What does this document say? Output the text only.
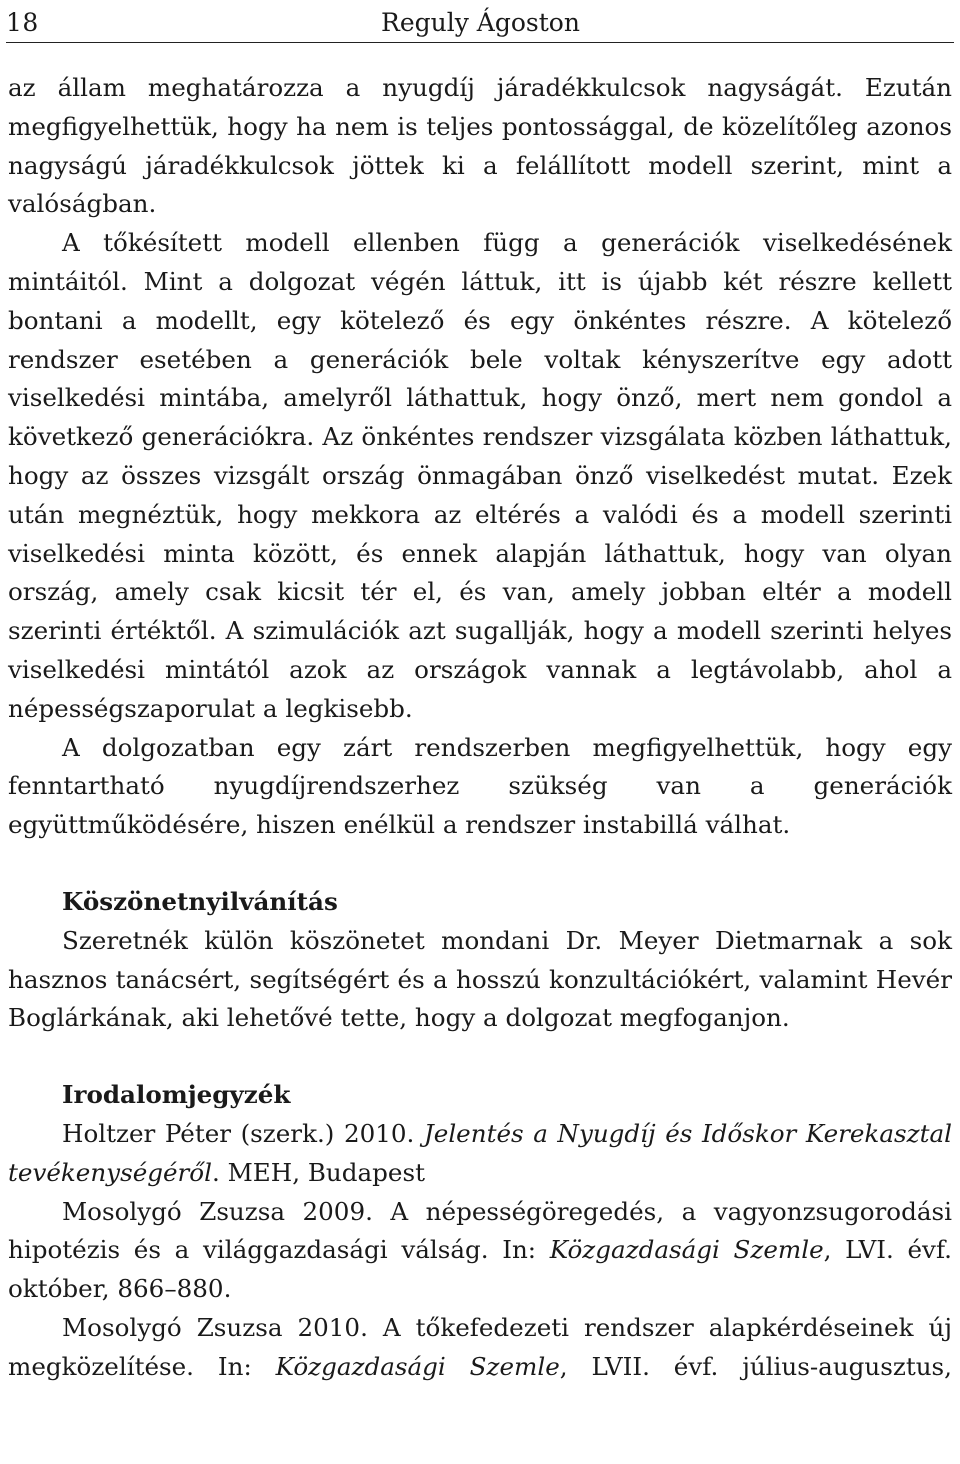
18	Reguly Ágoston

az állam meghatározza a nyugdíj járadékkulcsok nagyságát. Ezután megfigyelhettük, hogy ha nem is teljes pontossággal, de közelítőleg azonos nagyságú járadékkulcsok jöttek ki a felállított modell szerint, mint a valóságban.

A tőkésített modell ellenben függ a generációk viselkedésének mintáitól. Mint a dolgozat végén láttuk, itt is újabb két részre kellett bontani a modellt, egy kötelező és egy önkéntes részre. A kötelező rendszer esetében a generációk bele voltak kényszerítve egy adott viselkedési mintába, amelyről láthattuk, hogy önző, mert nem gondol a következő generációkra. Az önkéntes rendszer vizsgálata közben láthattuk, hogy az összes vizsgált ország önmagában önző viselkedést mutat. Ezek után megnéztük, hogy mekkora az eltérés a valódi és a modell szerinti viselkedési minta között, és ennek alapján láthattuk, hogy van olyan ország, amely csak kicsit tér el, és van, amely jobban eltér a modell szerinti értéktől. A szimulációk azt sugallják, hogy a modell szerinti helyes viselkedési mintától azok az országok vannak a legtávolabb, ahol a népességszaporulat a legkisebb.

A dolgozatban egy zárt rendszerben megfigyelhettük, hogy egy fenntartható nyugdíjrendszerhez szükség van a generációk együttműködésére, hiszen enélkül a rendszer instabillá válhat.

Köszönetnyilvánítás

Szeretnék külön köszönetet mondani Dr. Meyer Dietmarnak a sok hasznos tanácsért, segítségért és a hosszú konzultációkért, valamint Hevér Boglárkának, aki lehetővé tette, hogy a dolgozat megfoganjon.

Irodalomjegyzék

Holtzer Péter (szerk.) 2010. Jelentés a Nyugdíj és Időskor Kerekasztal tevékenységéről. MEH, Budapest

Mosolygó Zsuzsa 2009. A népességöregedés, a vagyonzsugorodási hipotézis és a világgazdasági válság. In: Közgazdasági Szemle, LVI. évf. október, 866–880.

Mosolygó Zsuzsa 2010. A tőkefedezeti rendszer alapkérdéseinek új megközelítése. In: Közgazdasági Szemle, LVII. évf. július-augusztus,
